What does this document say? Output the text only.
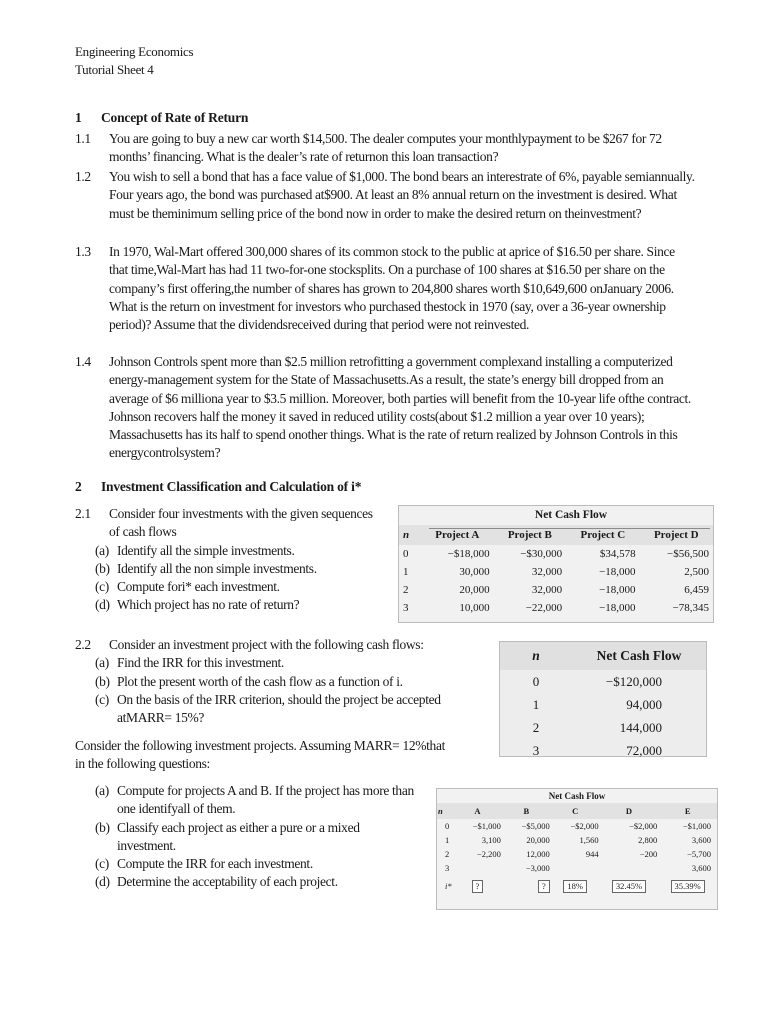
Engineering Economics
Tutorial Sheet 4
1 Concept of Rate of Return
1.1	You are going to buy a new car worth $14,500. The dealer computes your monthlypayment to be $267 for 72 months’ financing. What is the dealer’s rate of returnon this loan transaction?
1.2	You wish to sell a bond that has a face value of $1,000. The bond bears an interestrate of 6%, payable semiannually. Four years ago, the bond was purchased at$900. At least an 8% annual return on the investment is desired. What must be theminimum selling price of the bond now in order to make the desired return on theinvestment?
1.3	In 1970, Wal-Mart offered 300,000 shares of its common stock to the public at aprice of $16.50 per share. Since that time,Wal-Mart has had 11 two-for-one stocksplits. On a purchase of 100 shares at $16.50 per share on the company’s first offering,the number of shares has grown to 204,800 shares worth $10,649,600 onJanuary 2006. What is the return on investment for investors who purchased thestock in 1970 (say, over a 36-year ownership period)? Assume that the dividendsreceived during that period were not reinvested.
1.4	Johnson Controls spent more than $2.5 million retrofitting a government complexand installing a computerized energy-management system for the State of Massachusetts.As a result, the state’s energy bill dropped from an average of $6 milliona year to $3.5 million. Moreover, both parties will benefit from the 10-year life ofthe contract. Johnson recovers half the money it saved in reduced utility costs(about $1.2 million a year over 10 years); Massachusetts has its half to spend onother things. What is the rate of return realized by Johnson Controls in this energycontrolsystem?
2 Investment Classification and Calculation of i*
2.1 Consider four investments with the given sequences of cash flows
(a) Identify all the simple investments.
(b) Identify all the non simple investments.
(c) Compute fori* each investment.
(d) Which project has no rate of return?
Net Cash Flow
n	Project A	Project B	Project C	Project D
0	−$18,000	−$30,000	$34,578	−$56,500
1	30,000	32,000	−18,000	2,500
2	20,000	32,000	−18,000	6,459
3	10,000	−22,000	−18,000	−78,345
2.2 Consider an investment project with the following cash flows:
(a) Find the IRR for this investment.
(b) Plot the present worth of the cash flow as a function of i.
(c) On the basis of the IRR criterion, should the project be accepted atMARR= 15%?
n	Net Cash Flow
0	−$120,000
1	94,000
2	144,000
3	72,000
Consider the following investment projects. Assuming MARR= 12%that in the following questions:
(a) Compute for projects A and B. If the project has more than one identifyall of them.
(b) Classify each project as either a pure or a mixed investment.
(c) Compute the IRR for each investment.
(d) Determine the acceptability of each project.
Net Cash Flow
n	A	B	C	D	E
0	−$1,000	−$5,000	−$2,000	−$2,000	−$1,000
1	3,100	20,000	1,560	2,800	3,600
2	−2,200	12,000	944	−200	−5,700
3		−3,000			3,600
i*	?	?	18%	32.45%	35.39%
